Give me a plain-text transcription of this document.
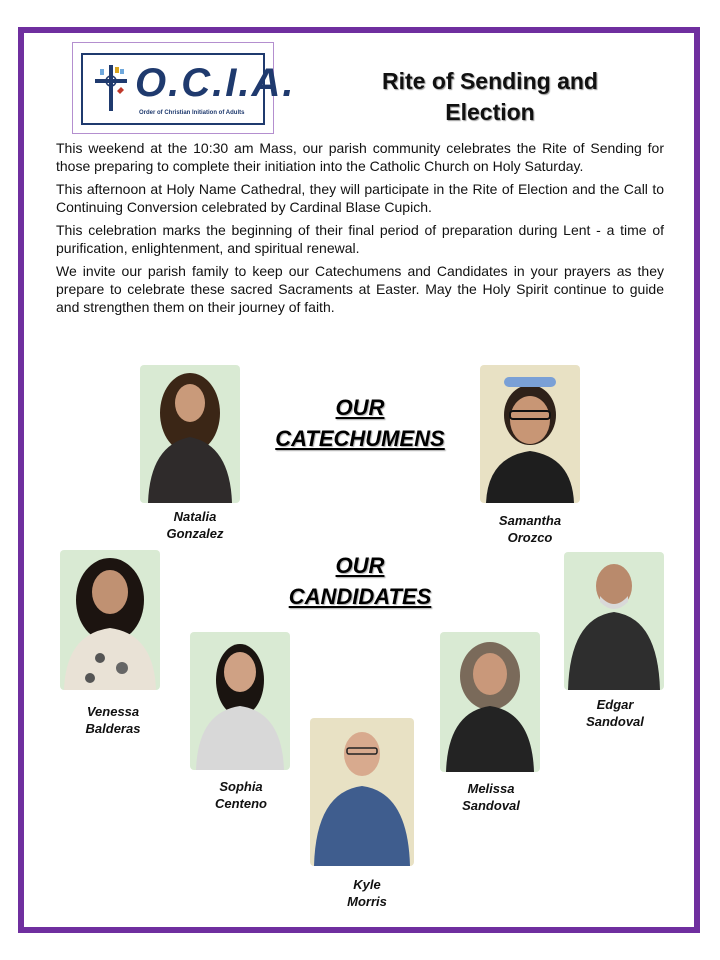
O.C.I.A.
Order of Christian Initiation of Adults
Rite of Sending and
Election

This weekend at the 10:30 am Mass, our parish community celebrates the Rite of Sending for those preparing to complete their initiation into the Catholic Church on Holy Saturday.

This afternoon at Holy Name Cathedral, they will participate in the Rite of Election and the Call to Continuing Conversion celebrated by Cardinal Blase Cupich.

This celebration marks the beginning of their final period of preparation during Lent - a time of purification, enlightenment, and spiritual renewal.

We invite our parish family to keep our Catechumens and Candidates in your prayers as they prepare to celebrate these sacred Sacraments at Easter. May the Holy Spirit continue to guide and strengthen them on their journey of faith.

OUR
CATECHUMENS
OUR
CANDIDATES
Natalia
Gonzalez
Samantha
Orozco
Venessa
Balderas
Sophia
Centeno
Kyle
Morris
Melissa
Sandoval
Edgar
Sandoval
